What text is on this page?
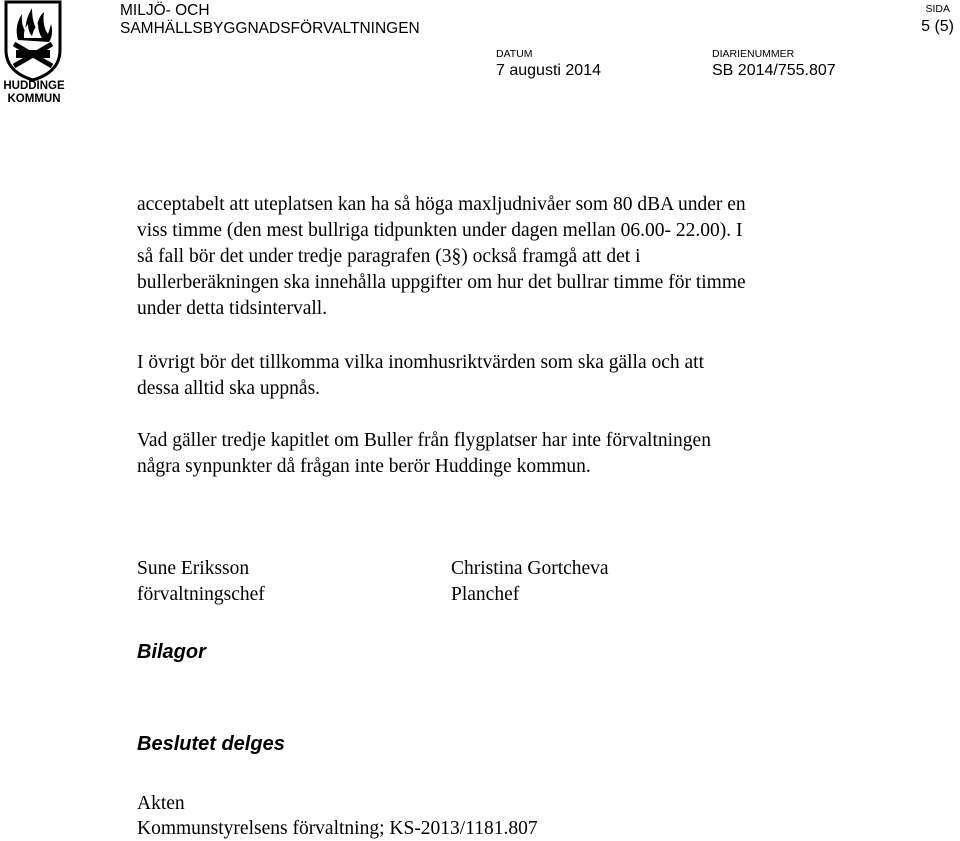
HUDDINGE
KOMMUN
MILJÖ- OCH
SAMHÄLLSBYGGNADSFÖRVALTNINGEN
SIDA
5 (5)
DATUM
7 augusti 2014
DIARIENUMMER
SB 2014/755.807
acceptabelt att uteplatsen kan ha så höga maxljudnivåer som 80 dBA under en
viss timme (den mest bullriga tidpunkten under dagen mellan 06.00- 22.00). I
så fall bör det under tredje paragrafen (3§) också framgå att det i
bullerberäkningen ska innehålla uppgifter om hur det bullrar timme för timme
under detta tidsintervall.
I övrigt bör det tillkomma vilka inomhusriktvärden som ska gälla och att
dessa alltid ska uppnås.
Vad gäller tredje kapitlet om Buller från flygplatser har inte förvaltningen
några synpunkter då frågan inte berör Huddinge kommun.
Sune Eriksson
förvaltningschef
Christina Gortcheva
Planchef
Bilagor
Beslutet delges
Akten
Kommunstyrelsens förvaltning; KS-2013/1181.807
